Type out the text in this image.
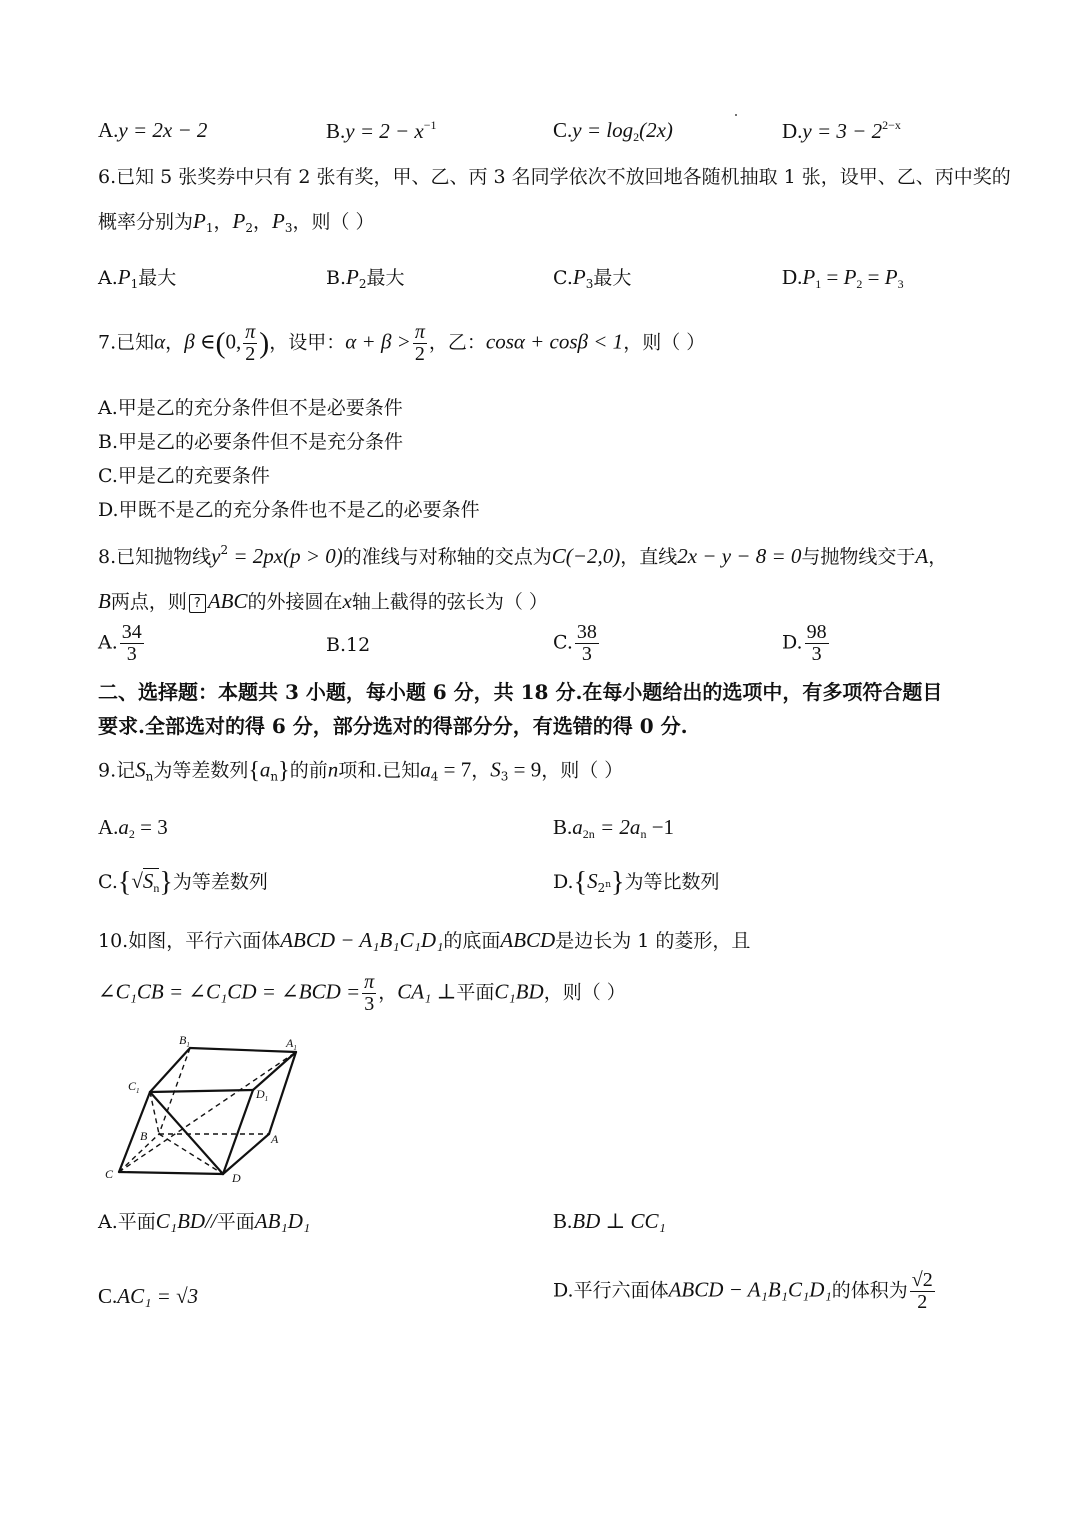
A.y = 2x − 2	$B.y = 2 - x^{-1}$	$C.y = \log_2(2x)$	$D.y = 3 - 2^{2-x}$
6.已知 5 张奖券中只有 2 张有奖，甲、乙、丙 3 名同学依次不放回地各随机抽取 1 张，设甲、乙、丙中奖的
概率分别为$P_1$，$P_2$，$P_3$，则（ ）
$A.P_1$最大	$B.P_2$最大	$C.P_3$最大	$D.P_1 = P_2 = P_3$
7.已知α，β ∈(0, $\frac{\pi}{2}$ )，设甲：$\alpha + \beta > \frac{\pi}{2}$ ，乙：cosα + cosβ < 1，则（ ）
A.甲是乙的充分条件但不是必要条件
B.甲是乙的必要条件但不是充分条件
C.甲是乙的充要条件
D.甲既不是乙的充分条件也不是乙的必要条件
8.已知抛物线$y^2 = 2px(p > 0)$的准线与对称轴的交点为C(−2,0)，直线2x − y − 8 = 0与抛物线交于A，
B两点，则 ? ABC的外接圆在x轴上截得的弦长为（ ）
A. $\frac{34}{3}$	B.12	C. $\frac{38}{3}$	D. $\frac{98}{3}$
二、选择题：本题共 3 小题，每小题 6 分，共 18 分.在每小题给出的选项中，有多项符合题目
要求.全部选对的得 6 分，部分选对的得部分分，有选错的得 0 分.
9.记$S_n$为等差数列$\{a_n\}$的前n项和.已知$a_4 = 7$，$S_3 = 9$，则（ ）
$A.a_2 = 3$	$B.a_{2n} = 2a_n -1$
$C.\{√S_n\}$为等差数列	$D.\{S_{2^n}\}$为等比数列
10.如图，平行六面体ABCD − A₁B₁C₁D₁的底面ABCD是边长为 1 的菱形，且
∠C₁CB = ∠C₁CD = ∠BCD = $\frac{\pi}{3}$ ，CA₁ ⊥平面C₁BD，则（ ）
$B_1$	$A_1$
$C_1$	$D_1$
B	A
C	D
A.平面C₁BD//平面AB₁D₁	B.BD ⊥ CC₁
C.AC₁ = √3	D.平行六面体ABCD − A₁B₁C₁D₁的体积为 $\frac{√2}{2}$
